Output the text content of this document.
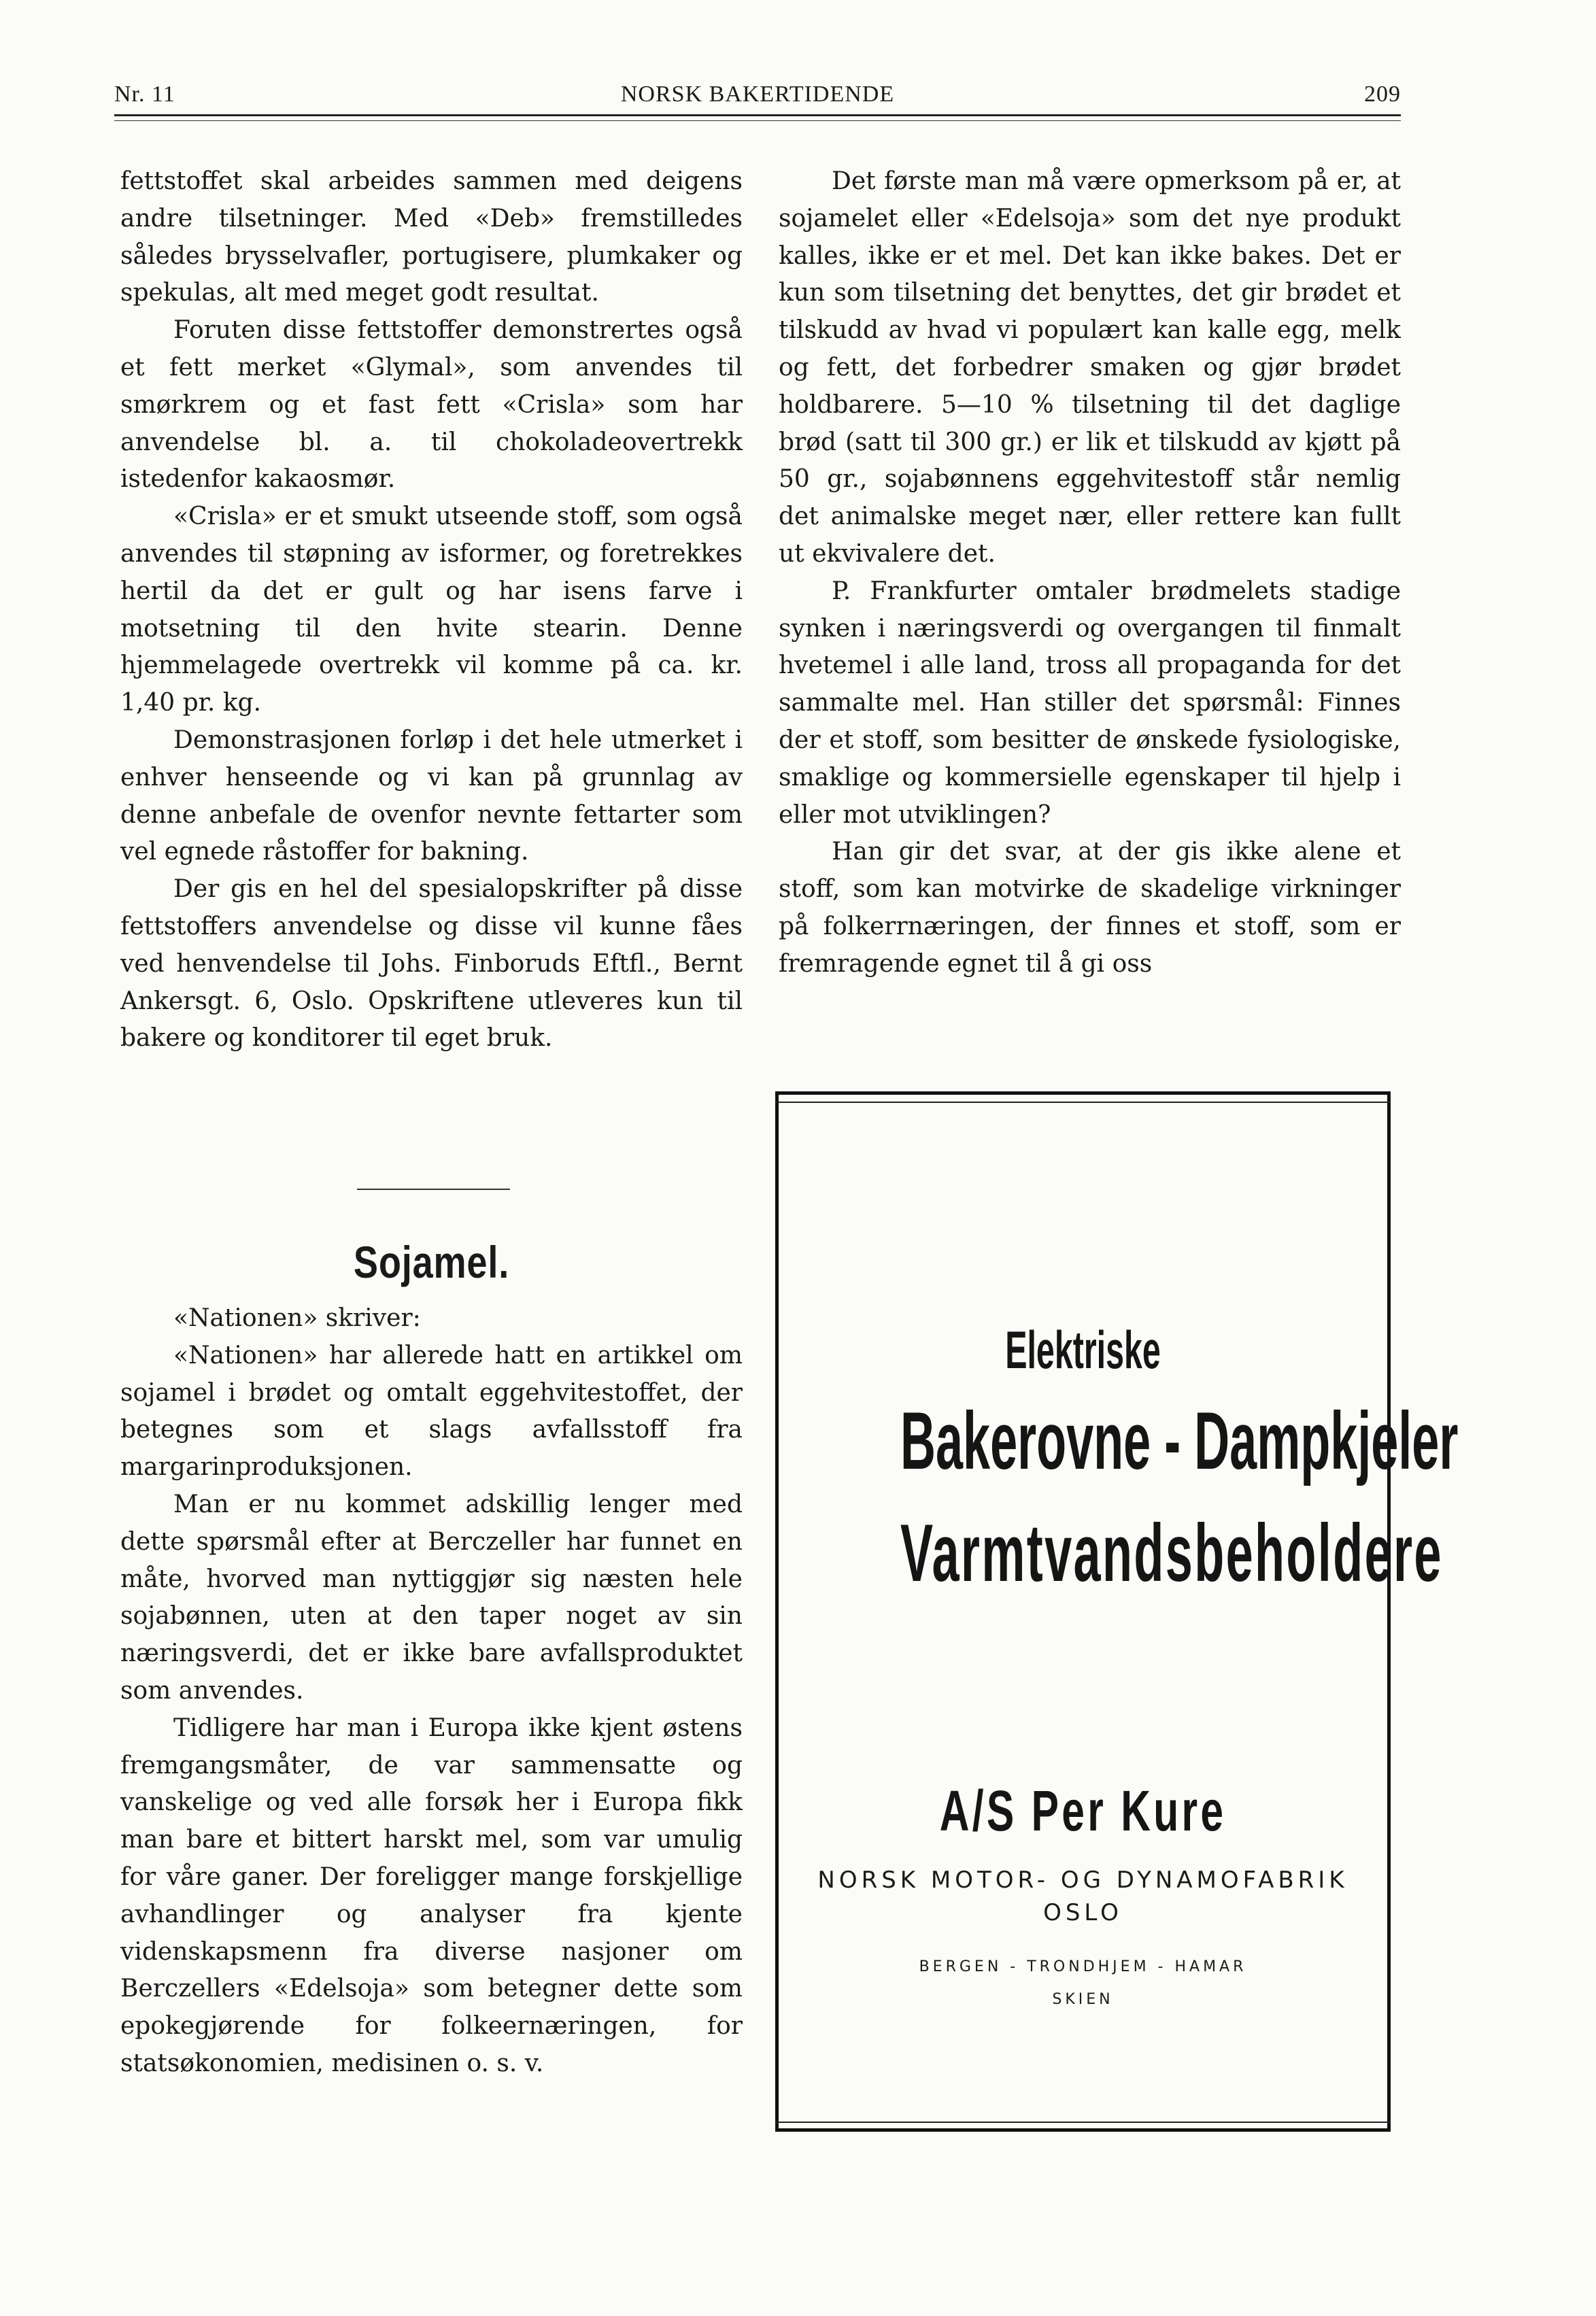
Nr. 11	NORSK BAKERTIDENDE	209

fettstoffet skal arbeides sammen med deigens andre tilsetninger. Med «Deb» fremstilledes således brysselvafler, portugisere, plumkaker og spekulas, alt med meget godt resultat.

Foruten disse fettstoffer demonstrertes også et fett merket «Glymal», som anvendes til smørkrem og et fast fett «Crisla» som har anvendelse bl. a. til chokoladeovertrekk istedenfor kakaosmør.

«Crisla» er et smukt utseende stoff, som også anvendes til støpning av isformer, og foretrekkes hertil da det er gult og har isens farve i motsetning til den hvite stearin. Denne hjemmelagede overtrekk vil komme på ca. kr. 1,40 pr. kg.

Demonstrasjonen forløp i det hele utmerket i enhver henseende og vi kan på grunnlag av denne anbefale de ovenfor nevnte fettarter som vel egnede råstoffer for bakning.

Der gis en hel del spesialopskrifter på disse fettstoffers anvendelse og disse vil kunne fåes ved henvendelse til Johs. Finboruds Eftfl., Bernt Ankersgt. 6, Oslo. Opskriftene utleveres kun til bakere og konditorer til eget bruk.

Sojamel.

«Nationen» skriver:

«Nationen» har allerede hatt en artikkel om sojamel i brødet og omtalt eggehvitestoffet, der betegnes som et slags avfallsstoff fra margarinproduksjonen.

Man er nu kommet adskillig lenger med dette spørsmål efter at Berczeller har funnet en måte, hvorved man nyttiggjør sig næsten hele sojabønnen, uten at den taper noget av sin næringsverdi, det er ikke bare avfallsproduktet som anvendes.

Tidligere har man i Europa ikke kjent østens fremgangsmåter, de var sammensatte og vanskelige og ved alle forsøk her i Europa fikk man bare et bittert harskt mel, som var umulig for våre ganer. Der foreligger mange forskjellige avhandlinger og analyser fra kjente videnskapsmenn fra diverse nasjoner om Berczellers «Edelsoja» som betegner dette som epokegjørende for folkeernæringen, for statsøkonomien, medisinen o. s. v.

Det første man må være opmerksom på er, at sojamelet eller «Edelsoja» som det nye produkt kalles, ikke er et mel. Det kan ikke bakes. Det er kun som tilsetning det benyttes, det gir brødet et tilskudd av hvad vi populært kan kalle egg, melk og fett, det forbedrer smaken og gjør brødet holdbarere. 5—10 % tilsetning til det daglige brød (satt til 300 gr.) er lik et tilskudd av kjøtt på 50 gr., sojabønnens eggehvitestoff står nemlig det animalske meget nær, eller rettere kan fullt ut ekvivalere det.

P. Frankfurter omtaler brødmelets stadige synken i næringsverdi og overgangen til finmalt hvetemel i alle land, tross all propaganda for det sammalte mel. Han stiller det spørsmål: Finnes der et stoff, som besitter de ønskede fysiologiske, smaklige og kommersielle egenskaper til hjelp i eller mot utviklingen?

Han gir det svar, at der gis ikke alene et stoff, som kan motvirke de skadelige virkninger på folkerrnæringen, der finnes et stoff, som er fremragende egnet til å gi oss

Elektriske
Bakerovne - Dampkjeler
Varmtvandsbeholdere
A/S Per Kure
NORSK MOTOR- OG DYNAMOFABRIK
OSLO
BERGEN - TRONDHJEM - HAMAR
SKIEN
